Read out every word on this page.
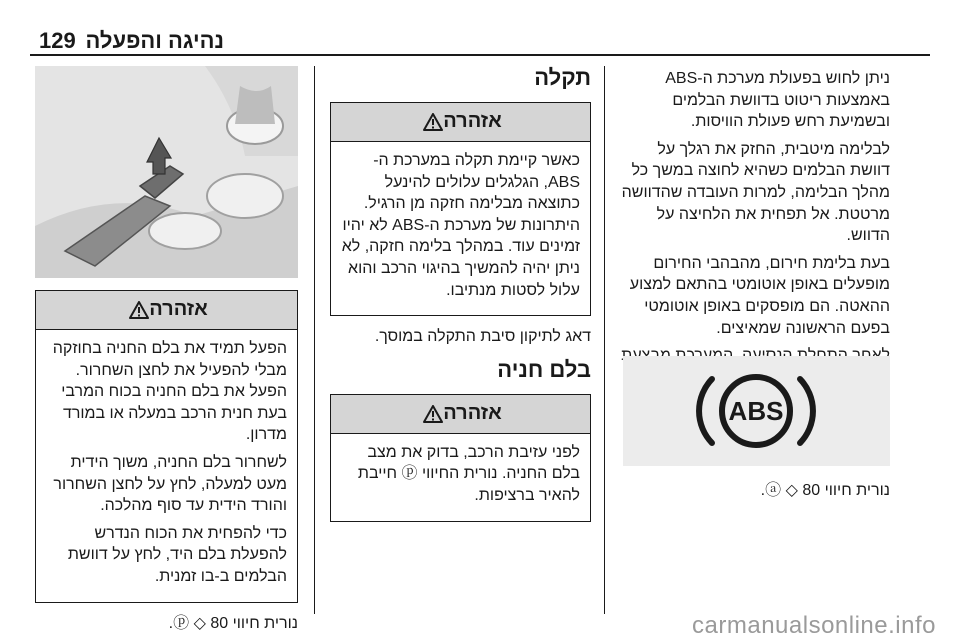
נהיגה והפעלה
129

ניתן לחוש בפעולת מערכת ה-ABS באמצעות ריטוט בדוושת הבלמים ובשמיעת רחש פעולת הוויסות.

לבלימה מיטבית, החזק את רגלך על דוושת הבלמים כשהיא לחוצה במשך כל מהלך הבלימה, למרות העובדה שהדוושה מרטטת. אל תפחית את הלחיצה על הדווש.

בעת בלימת חירום, מהבהבי החירום מופעלים באופן אוטומטי בהתאם למצוע ההאטה. הם מופסקים באופן אוטומטי בפעם הראשונה שמאיצים.

ABS

נורית חיווי ⓐ ◇ 80.

תקלה
אזהרה

כאשר קיימת תקלה במערכת ה-ABS, הגלגלים עלולים להינעל כתוצאה מבלימה חזקה מן הרגיל. היתרונות של מערכת ה-ABS לא יהיו זמינים עוד. במהלך בלימה חזקה, לא ניתן יהיה להמשיך בהיגוי הרכב והוא עלול לסטות מנתיבו.

דאג לתיקון סיבת התקלה במוסך.

בלם חניה
אזהרה

לפני עזיבת הרכב, בדוק את מצב בלם החניה. נורית החיווי ⓟ חייבת להאיר ברציפות.

אזהרה

הפעל תמיד את בלם החניה בחוזקה מבלי להפעיל את לחצן השחרור. הפעל את בלם החניה בכוח המרבי בעת חנית הרכב במעלה או במורד מדרון.

לשחרור בלם החניה, משוך הידית מעט למעלה, לחץ על לחצן השחרור והורד הידית עד סוף מהלכה.

כדי להפחית את הכוח הנדרש להפעלת בלם היד, לחץ על דוושת הבלמים ב-בו זמנית.

נורית חיווי ⓟ ◇ 80.	carmanualsonline.info
